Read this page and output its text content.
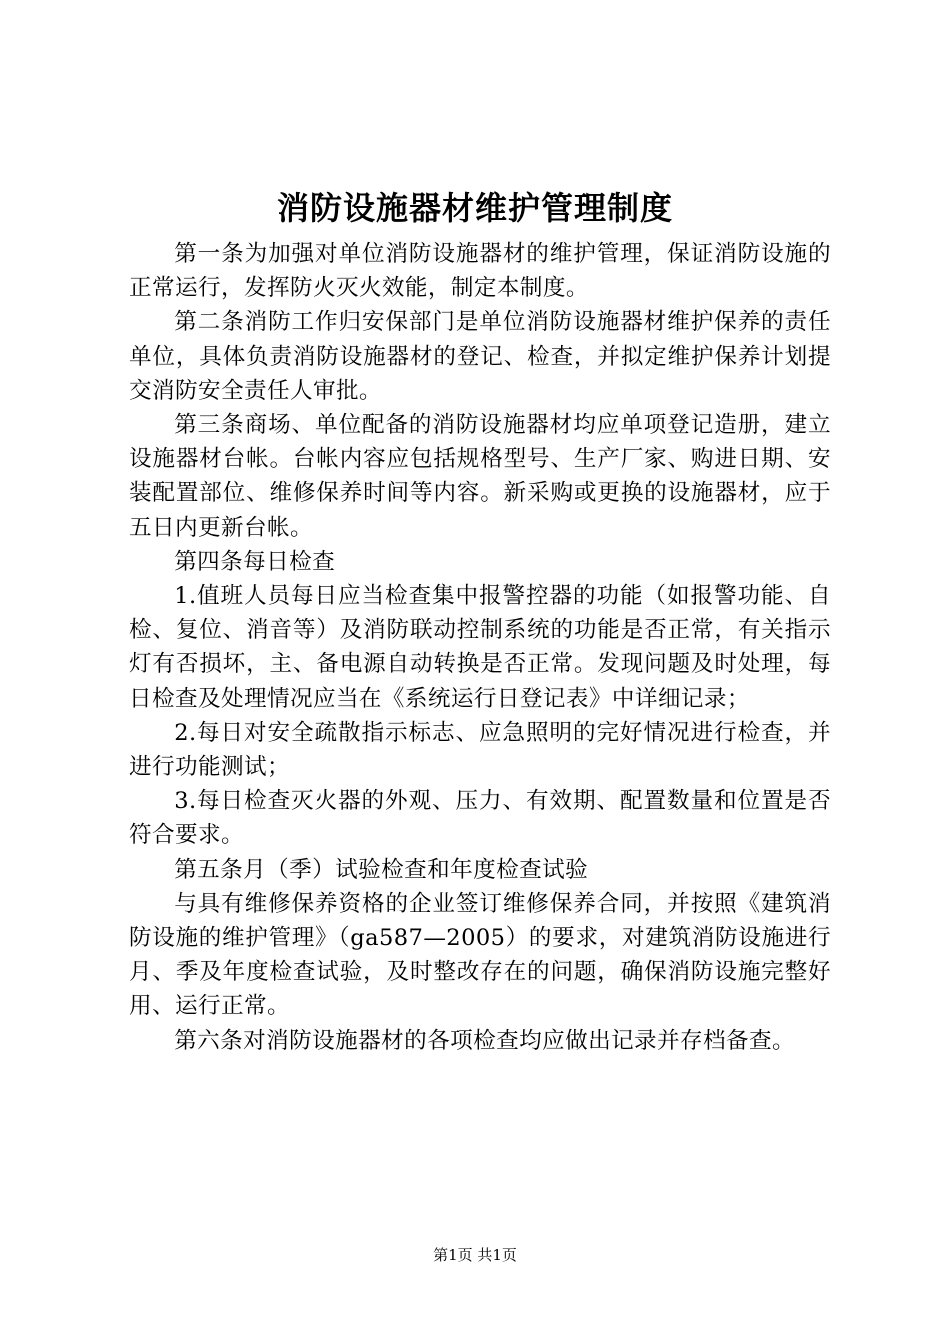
消防设施器材维护管理制度

第一条为加强对单位消防设施器材的维护管理，保证消防设施的正常运行，发挥防火灭火效能，制定本制度。

第二条消防工作归安保部门是单位消防设施器材维护保养的责任单位，具体负责消防设施器材的登记、检查，并拟定维护保养计划提交消防安全责任人审批。

第三条商场、单位配备的消防设施器材均应单项登记造册，建立设施器材台帐。台帐内容应包括规格型号、生产厂家、购进日期、安装配置部位、维修保养时间等内容。新采购或更换的设施器材，应于五日内更新台帐。

第四条每日检查

1.值班人员每日应当检查集中报警控器的功能（如报警功能、自检、复位、消音等）及消防联动控制系统的功能是否正常，有关指示灯有否损坏，主、备电源自动转换是否正常。发现问题及时处理，每日检查及处理情况应当在《系统运行日登记表》中详细记录；

2.每日对安全疏散指示标志、应急照明的完好情况进行检查，并进行功能测试；

3.每日检查灭火器的外观、压力、有效期、配置数量和位置是否符合要求。

第五条月（季）试验检查和年度检查试验

与具有维修保养资格的企业签订维修保养合同，并按照《建筑消防设施的维护管理》（ga587—2005）的要求，对建筑消防设施进行月、季及年度检查试验，及时整改存在的问题，确保消防设施完整好用、运行正常。

第六条对消防设施器材的各项检查均应做出记录并存档备查。

第1页 共1页
